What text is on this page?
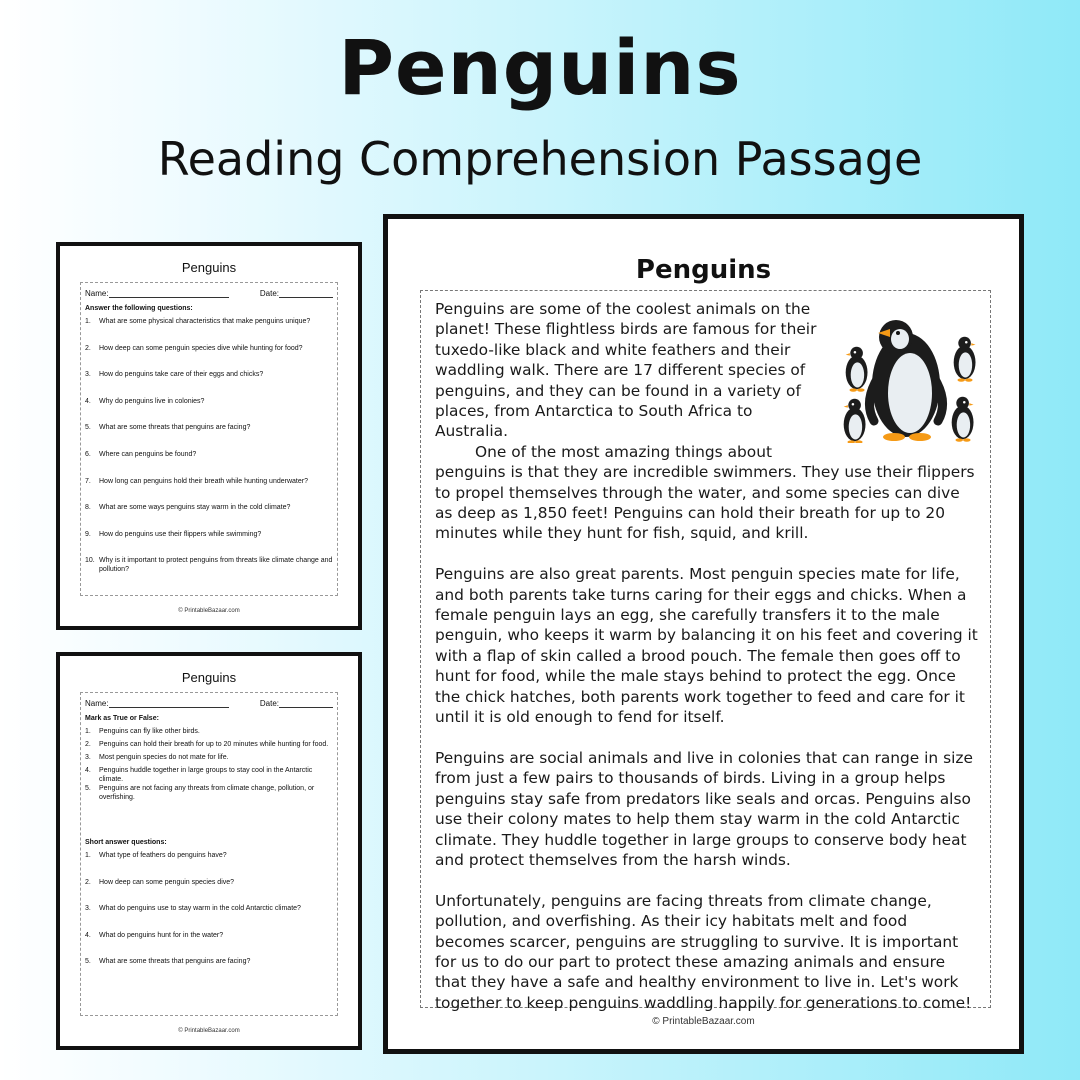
Penguins
Reading Comprehension Passage
Penguins
Name:	Date:
Answer the following questions:
1.	What are some physical characteristics that make penguins unique?
2.	How deep can some penguin species dive while hunting for food?
3.	How do penguins take care of their eggs and chicks?
4.	Why do penguins live in colonies?
5.	What are some threats that penguins are facing?
6.	Where can penguins be found?
7.	How long can penguins hold their breath while hunting underwater?
8.	What are some ways penguins stay warm in the cold climate?
9.	How do penguins use their flippers while swimming?
10. Why is it important to protect penguins from threats like climate change and pollution?
© PrintableBazaar.com
Penguins
Name:	Date:
Mark as True or False:
1.	Penguins can fly like other birds.
2.	Penguins can hold their breath for up to 20 minutes while hunting for food.
3.	Most penguin species do not mate for life.
4.	Penguins huddle together in large groups to stay cool in the Antarctic climate.
5.	Penguins are not facing any threats from climate change, pollution, or overfishing.
Short answer questions:
1.	What type of feathers do penguins have?
2.	How deep can some penguin species dive?
3.	What do penguins use to stay warm in the cold Antarctic climate?
4.	What do penguins hunt for in the water?
5.	What are some threats that penguins are facing?
© PrintableBazaar.com
Penguins

Penguins are some of the coolest animals on the planet! These flightless birds are famous for their tuxedo-like black and white feathers and their waddling walk. There are 17 different species of penguins, and they can be found in a variety of places, from Antarctica to South Africa to Australia.
One of the most amazing things about penguins is that they are incredible swimmers. They use their flippers to propel themselves through the water, and some species can dive as deep as 1,850 feet! Penguins can hold their breath for up to 20 minutes while they hunt for fish, squid, and krill.

Penguins are also great parents. Most penguin species mate for life, and both parents take turns caring for their eggs and chicks. When a female penguin lays an egg, she carefully transfers it to the male penguin, who keeps it warm by balancing it on his feet and covering it with a flap of skin called a brood pouch. The female then goes off to hunt for food, while the male stays behind to protect the egg. Once the chick hatches, both parents work together to feed and care for it until it is old enough to fend for itself.

Penguins are social animals and live in colonies that can range in size from just a few pairs to thousands of birds. Living in a group helps penguins stay safe from predators like seals and orcas. Penguins also use their colony mates to help them stay warm in the cold Antarctic climate. They huddle together in large groups to conserve body heat and protect themselves from the harsh winds.

Unfortunately, penguins are facing threats from climate change, pollution, and overfishing. As their icy habitats melt and food becomes scarcer, penguins are struggling to survive. It is important for us to do our part to protect these amazing animals and ensure that they have a safe and healthy environment to live in. Let's work together to keep penguins waddling happily for generations to come!

© PrintableBazaar.com
